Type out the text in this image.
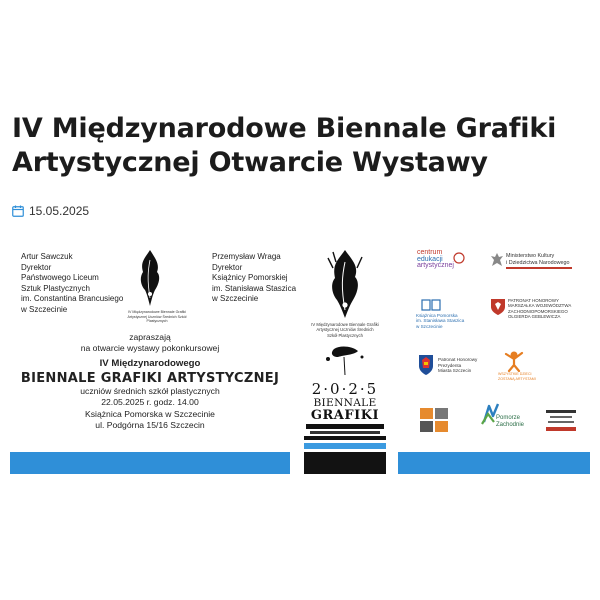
IV Międzynarodowe Biennale Grafiki Artystycznej Otwarcie Wystawy
15.05.2025
Artur Sawczuk
Dyrektor
Państwowego Liceum
Sztuk Plastycznych
im. Constantina Brancusiego
w Szczecinie
Przemysław Wraga
Dyrektor
Książnicy Pomorskiej
im. Stanisława Staszica
w Szczecinie
IV Międzynarodowe Biennale Grafiki Artystycznej Uczniów Średnich Szkół Plastycznych
zapraszają
na otwarcie wystawy pokonkursowej
IV Międzynarodowego
BIENNALE GRAFIKI ARTYSTYCZNEJ
uczniów średnich szkół plastycznych
22.05.2025 r. godz. 14.00
Książnica Pomorska w Szczecinie
ul. Podgórna 15/16 Szczecin
IV Międzynarodowe Biennale Grafiki
Artystycznej Uczniów Średnich
Szkół Plastycznych
2·0·2·5
BIENNALE
GRAFIKI
centrum
edukacji
artystycznej
Ministerstwo Kultury
i Dziedzictwa Narodowego
Książnica Pomorska
im. Stanisława Staszica
w Szczecinie
PATRONAT HONOROWY
MARSZAŁKA WOJEWÓDZTWA
ZACHODNIOPOMORSKIEGO
OLGIERDA GEBLEWICZA
Patronat Honorowy
Prezydenta
Miasta Szczecin
WSZYSTKIE DZIECI
ZOSTANĄ ARTYSTAMI
Pomorze
Zachodnie
